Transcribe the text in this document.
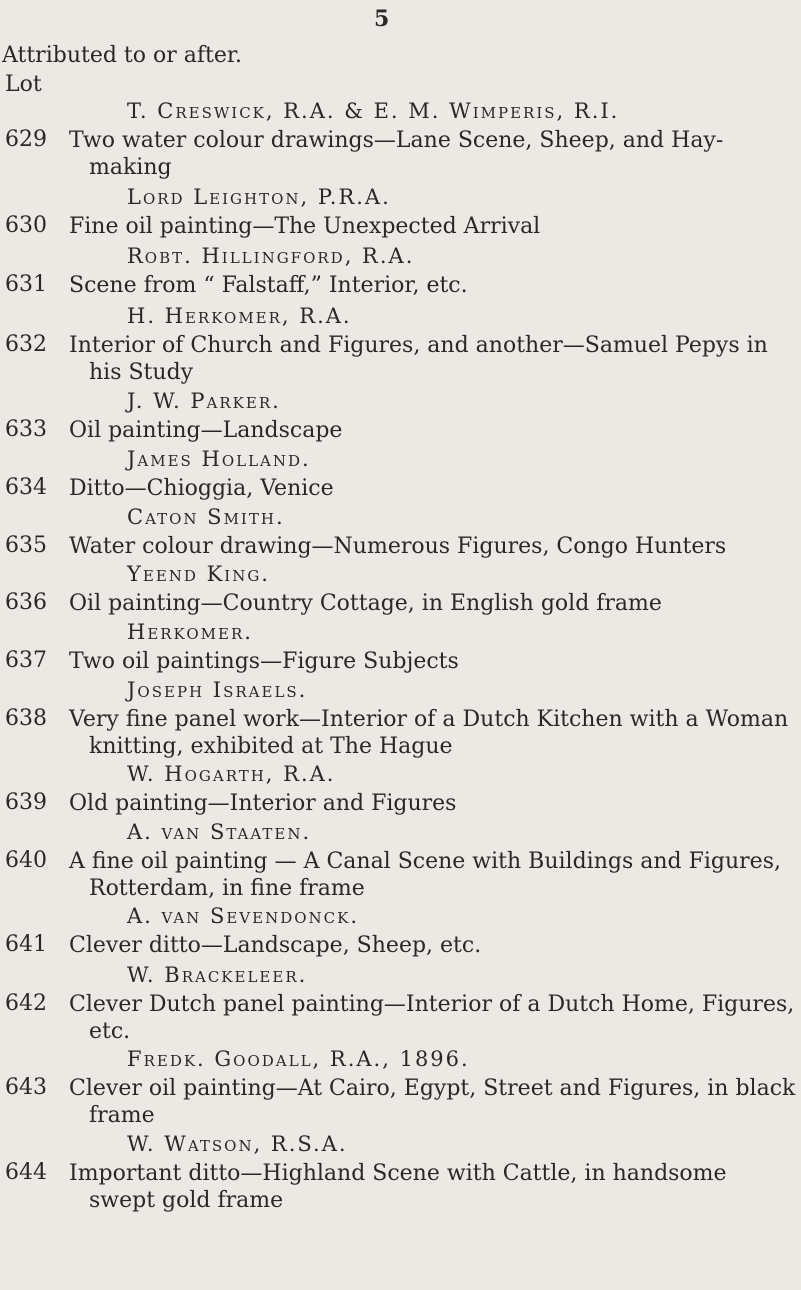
5
Attributed to or after.
Lot
T. Creswick, R.A. & E. M. Wimperis, R.I.
629 Two water colour drawings—Lane Scene, Sheep, and Hay-making
Lord Leighton, P.R.A.
630 Fine oil painting—The Unexpected Arrival
Robt. Hillingford, R.A.
631 Scene from “ Falstaff,” Interior, etc.
H. Herkomer, R.A.
632 Interior of Church and Figures, and another—Samuel Pepys in his Study
J. W. Parker.
633 Oil painting—Landscape
James Holland.
634 Ditto—Chioggia, Venice
Caton Smith.
635 Water colour drawing—Numerous Figures, Congo Hunters
Yeend King.
636 Oil painting—Country Cottage, in English gold frame
Herkomer.
637 Two oil paintings—Figure Subjects
Joseph Israels.
638 Very fine panel work—Interior of a Dutch Kitchen with a Woman knitting, exhibited at The Hague
W. Hogarth, R.A.
639 Old painting—Interior and Figures
A. van Staaten.
640 A fine oil painting — A Canal Scene with Buildings and Figures, Rotterdam, in fine frame
A. van Sevendonck.
641 Clever ditto—Landscape, Sheep, etc.
W. Brackeleer.
642 Clever Dutch panel painting—Interior of a Dutch Home, Figures, etc.
Fredk. Goodall, R.A., 1896.
643 Clever oil painting—At Cairo, Egypt, Street and Figures, in black frame
W. Watson, R.S.A.
644 Important ditto—Highland Scene with Cattle, in handsome swept gold frame
